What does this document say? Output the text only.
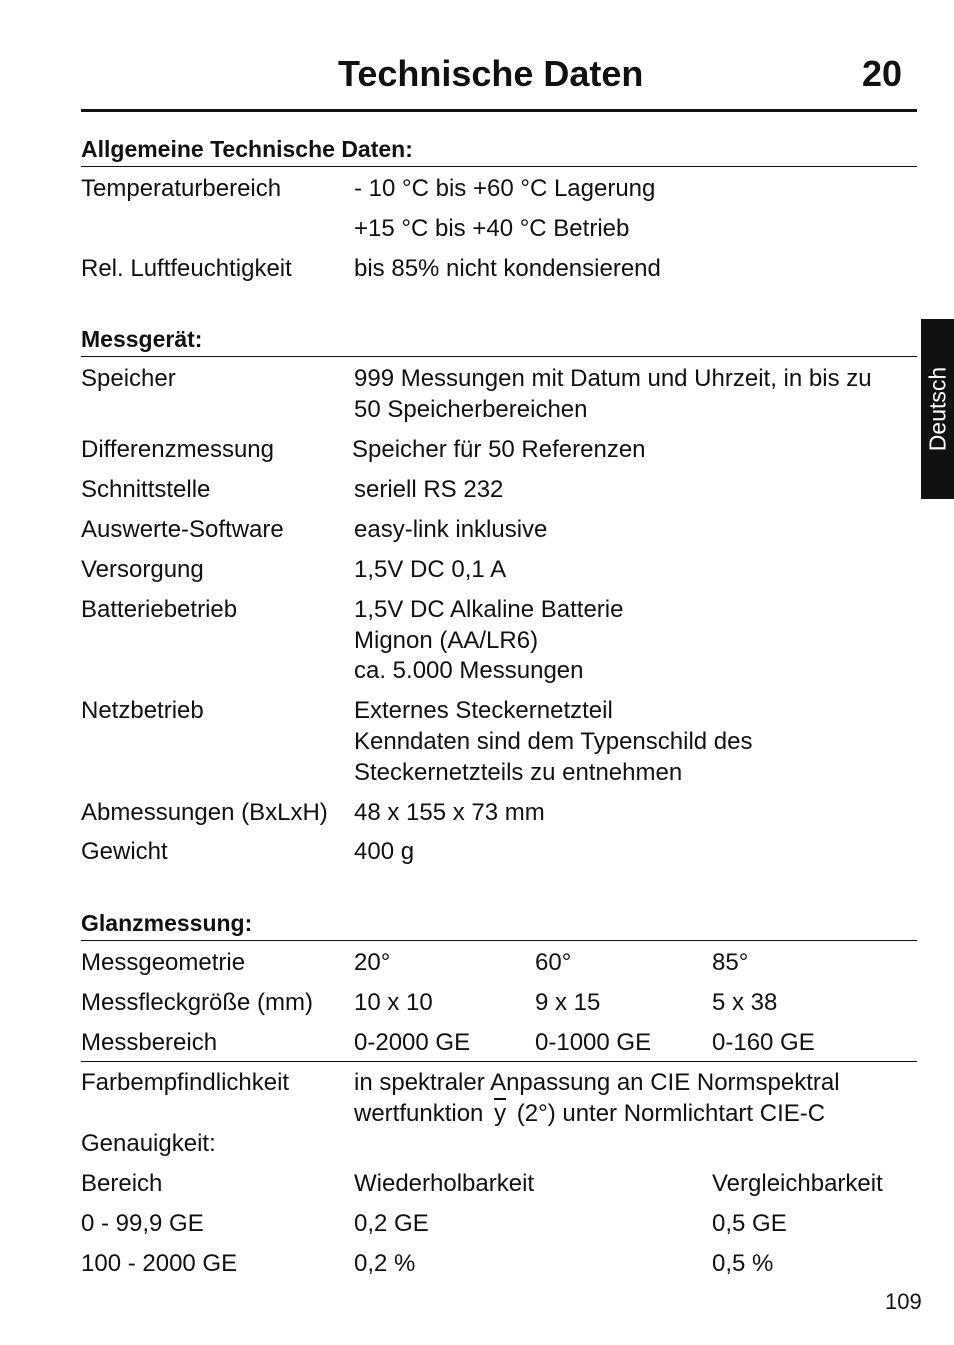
Technische Daten	20
Deutsch
Allgemeine Technische Daten:
Temperaturbereich	- 10 °C bis +60 °C Lagerung
+15 °C bis +40 °C Betrieb
Rel. Luftfeuchtigkeit	bis 85% nicht kondensierend
Messgerät:
Speicher	999 Messungen mit Datum und Uhrzeit, in bis zu
50 Speicherbereichen
Differenzmessung	Speicher für 50 Referenzen
Schnittstelle	seriell RS 232
Auswerte-Software	easy-link inklusive
Versorgung	1,5V DC 0,1 A
Batteriebetrieb	1,5V DC Alkaline Batterie
Mignon (AA/LR6)
ca. 5.000 Messungen
Netzbetrieb	Externes Steckernetzteil
Kenndaten sind dem Typenschild des
Steckernetzteils zu entnehmen
Abmessungen (BxLxH) 48 x 155 x 73 mm
Gewicht	400 g
Glanzmessung:
Messgeometrie	20°	60°	85°
Messfleckgröße (mm) 10 x 10	9 x 15	5 x 38
Messbereich	0-2000 GE	0-1000 GE	0-160 GE
Farbempfindlichkeit	in spektraler Anpassung an CIE Normspektral
wertfunktion $\overline{y}$ (2°) unter Normlichtart CIE-C
Genauigkeit:
Bereich	Wiederholbarkeit	Vergleichbarkeit
0 - 99,9 GE	0,2 GE	0,5 GE
100 - 2000 GE	0,2 %	0,5 %
109
